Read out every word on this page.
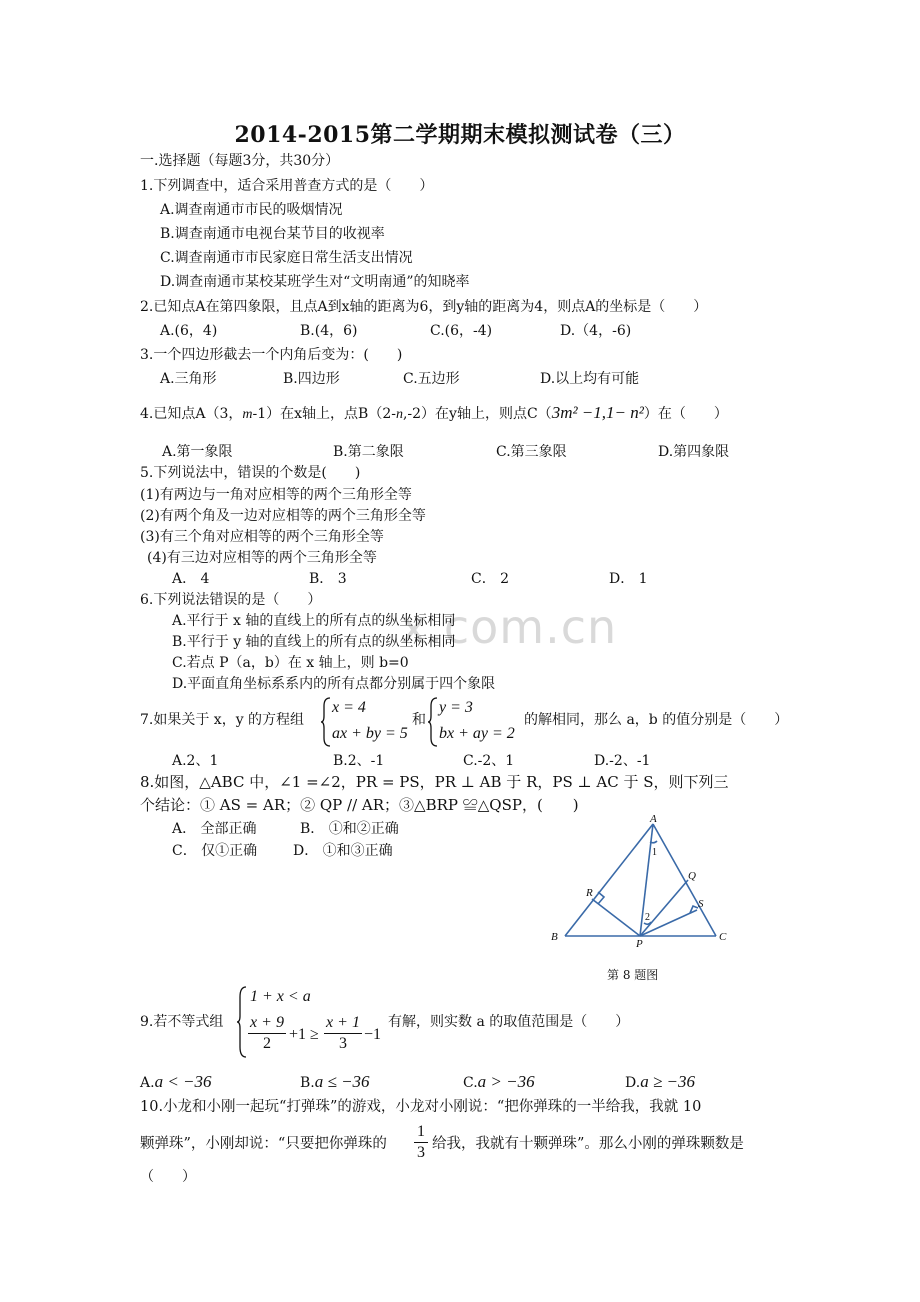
2014-2015第二学期期末模拟测试卷（三）
一.选择题（每题3分，共30分）
1.下列调查中，适合采用普查方式的是（　　）
A.调查南通市市民的吸烟情况
B.调查南通市电视台某节目的收视率
C.调查南通市市民家庭日常生活支出情况
D.调查南通市某校某班学生对“文明南通”的知晓率
2.已知点A在第四象限，且点A到x轴的距离为6，到y轴的距离为4，则点A的坐标是（　　）
A.(6，4)	B.(4，6)	C.(6，-4)	D.（4，-6)
3.一个四边形截去一个内角后变为：(　　)
A.三角形	B.四边形	C.五边形	D.以上均有可能
4.已知点A（3，m-1）在x轴上，点B（2-n,-2）在y轴上，则点C（3m² −1,1− n²）在（　　）
A.第一象限	B.第二象限	C.第三象限	D.第四象限
5.下列说法中，错误的个数是(　　)
(1)有两边与一角对应相等的两个三角形全等
(2)有两个角及一边对应相等的两个三角形全等
(3)有三个角对应相等的两个三角形全等
(4)有三边对应相等的两个三角形全等
A． 4	B． 3	C． 2	D． 1
x.com.cn
6.下列说法错误的是（　　）
A.平行于 x 轴的直线上的所有点的纵坐标相同
B.平行于 y 轴的直线上的所有点的纵坐标相同
C.若点 P（a，b）在 x 轴上，则 b=0
D.平面直角坐标系系内的所有点都分别属于四个象限
7.如果关于 x，y 的方程组
x = 4
ax + by = 5
和
y = 3
bx + ay = 2
的解相同，那么 a，b 的值分别是（　　）
A.2、1	B.2、-1	C.-2、1	D.-2、-1
8.如图，△ABC 中，∠1 =∠2，PR = PS，PR ⊥ AB 于 R，PS ⊥ AC 于 S，则下列三
个结论：① AS = AR；② QP // AR；③△BRP ≌△QSP，(　　)
A． 全部正确	B． ①和②正确
C． 仅①正确	D． ①和③正确
A
B	C
P
Q
R
S
1
2
第 8 题图
9.若不等式组
1 + x < a
$\frac{x + 9}{2} +1 \ge \frac{x + 1}{3} -1$
有解，则实数 a 的取值范围是（　　）
A.a < −36	B.a ≤ −36	C.a > −36	D.a ≥ −36
10.小龙和小刚一起玩“打弹珠”的游戏，小龙对小刚说：“把你弹珠的一半给我，我就 10
颗弹珠”，小刚却说：“只要把你弹珠的 $\frac{1}{3}$ 给我，我就有十颗弹珠”。那么小刚的弹珠颗数是
（　　）
